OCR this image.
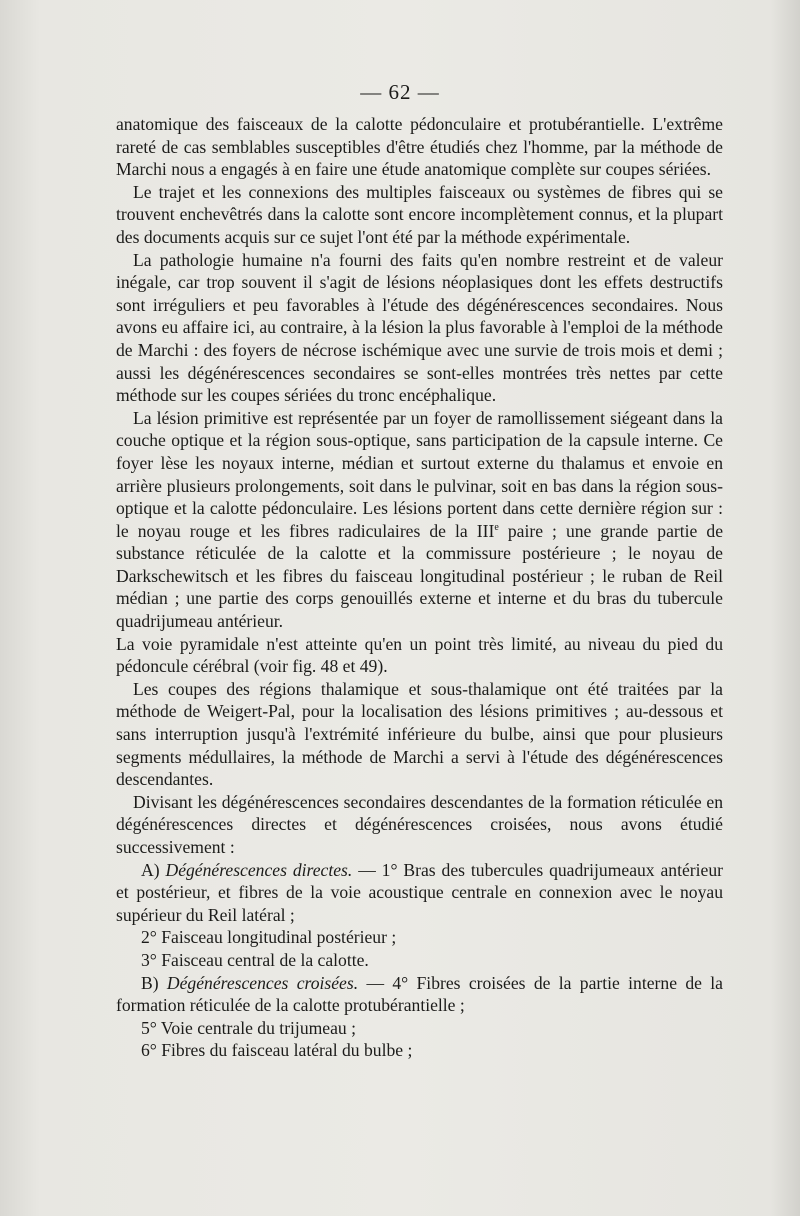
— 62 —

anatomique des faisceaux de la calotte pédonculaire et protubérantielle. L'extrême rareté de cas semblables susceptibles d'être étudiés chez l'homme, par la méthode de Marchi nous a engagés à en faire une étude anatomique complète sur coupes sériées.

Le trajet et les connexions des multiples faisceaux ou systèmes de fibres qui se trouvent enchevêtrés dans la calotte sont encore incomplètement connus, et la plupart des documents acquis sur ce sujet l'ont été par la méthode expérimentale.

La pathologie humaine n'a fourni des faits qu'en nombre restreint et de valeur inégale, car trop souvent il s'agit de lésions néoplasiques dont les effets destructifs sont irréguliers et peu favorables à l'étude des dégénérescences secondaires. Nous avons eu affaire ici, au contraire, à la lésion la plus favorable à l'emploi de la méthode de Marchi : des foyers de nécrose ischémique avec une survie de trois mois et demi ; aussi les dégénérescences secondaires se sont-elles montrées très nettes par cette méthode sur les coupes sériées du tronc encéphalique.

La lésion primitive est représentée par un foyer de ramollissement siégeant dans la couche optique et la région sous-optique, sans participation de la capsule interne. Ce foyer lèse les noyaux interne, médian et surtout externe du thalamus et envoie en arrière plusieurs prolongements, soit dans le pulvinar, soit en bas dans la région sous-optique et la calotte pédonculaire. Les lésions portent dans cette dernière région sur : le noyau rouge et les fibres radiculaires de la IIIe paire ; une grande partie de substance réticulée de la calotte et la commissure postérieure ; le noyau de Darkschewitsch et les fibres du faisceau longitudinal postérieur ; le ruban de Reil médian ; une partie des corps genouillés externe et interne et du bras du tubercule quadrijumeau antérieur.

La voie pyramidale n'est atteinte qu'en un point très limité, au niveau du pied du pédoncule cérébral (voir fig. 48 et 49).

Les coupes des régions thalamique et sous-thalamique ont été traitées par la méthode de Weigert-Pal, pour la localisation des lésions primitives ; au-dessous et sans interruption jusqu'à l'extrémité inférieure du bulbe, ainsi que pour plusieurs segments médullaires, la méthode de Marchi a servi à l'étude des dégénérescences descendantes.

Divisant les dégénérescences secondaires descendantes de la formation réticulée en dégénérescences directes et dégénérescences croisées, nous avons étudié successivement :

A) Dégénérescences directes. — 1° Bras des tubercules quadrijumeaux antérieur et postérieur, et fibres de la voie acoustique centrale en connexion avec le noyau supérieur du Reil latéral ;

2° Faisceau longitudinal postérieur ;

3° Faisceau central de la calotte.

B) Dégénérescences croisées. — 4° Fibres croisées de la partie interne de la formation réticulée de la calotte protubérantielle ;

5° Voie centrale du trijumeau ;

6° Fibres du faisceau latéral du bulbe ;
